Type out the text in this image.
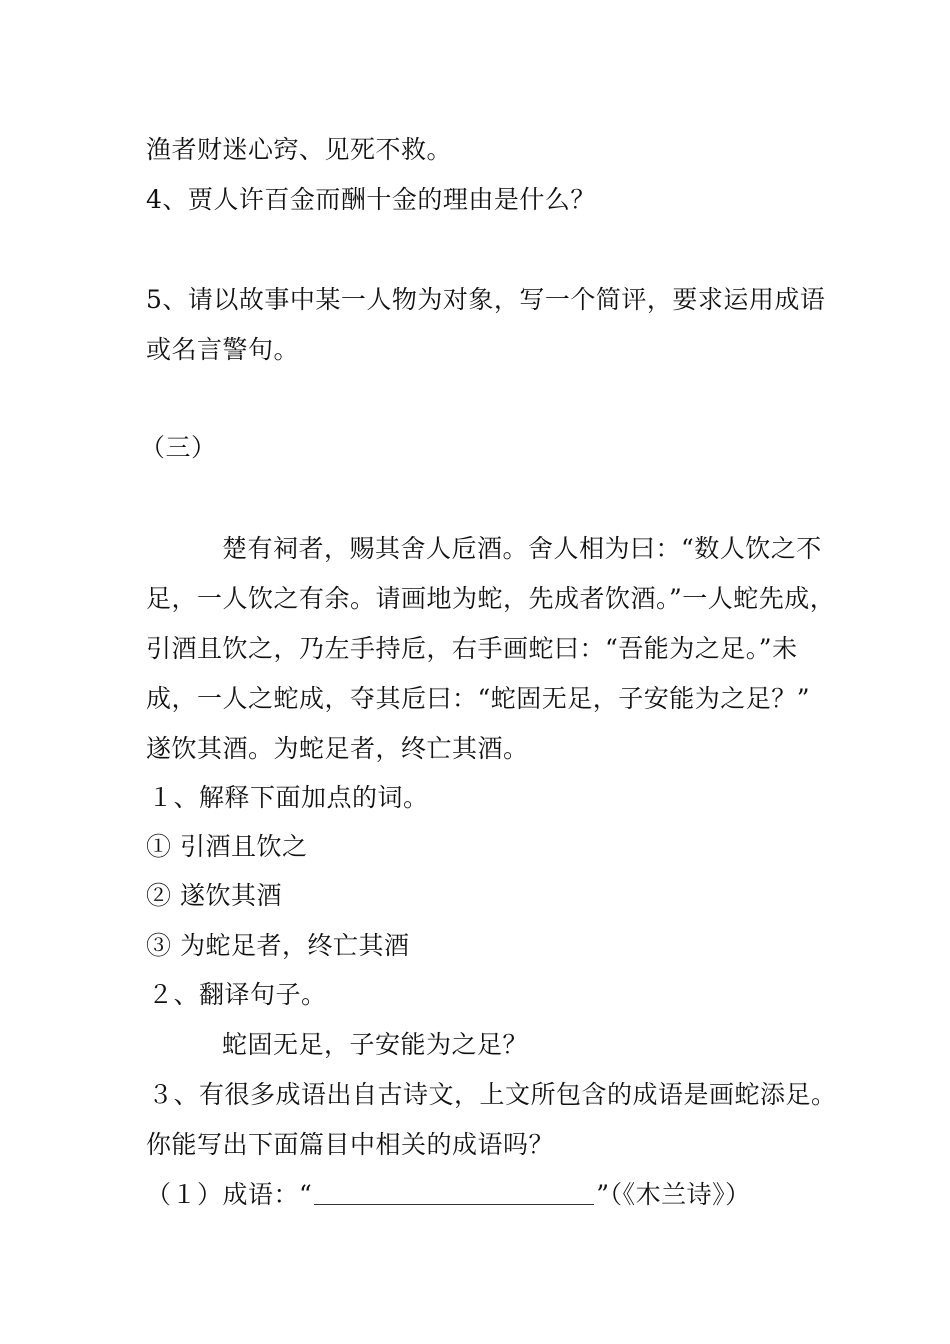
渔者财迷心窍、见死不救。
4、贾人许百金而酬十金的理由是什么？
5、请以故事中某一人物为对象，写一个简评，要求运用成语
或名言警句。
（三）
楚有祠者，赐其舍人卮酒。舍人相为曰：“数人饮之不
足，一人饮之有余。请画地为蛇，先成者饮酒。”一人蛇先成，
引酒且饮之，乃左手持卮，右手画蛇曰：“吾能为之足。”未
成，一人之蛇成，夺其卮曰：“蛇固无足，子安能为之足？”
遂饮其酒。为蛇足者，终亡其酒。
１、解释下面加点的词。
① 引酒且饮之
② 遂饮其酒
③ 为蛇足者，终亡其酒
２、翻译句子。
蛇固无足，子安能为之足？
３、有很多成语出自古诗文，上文所包含的成语是画蛇添足。
你能写出下面篇目中相关的成语吗？
（１）成语：“	”（《木兰诗》）
